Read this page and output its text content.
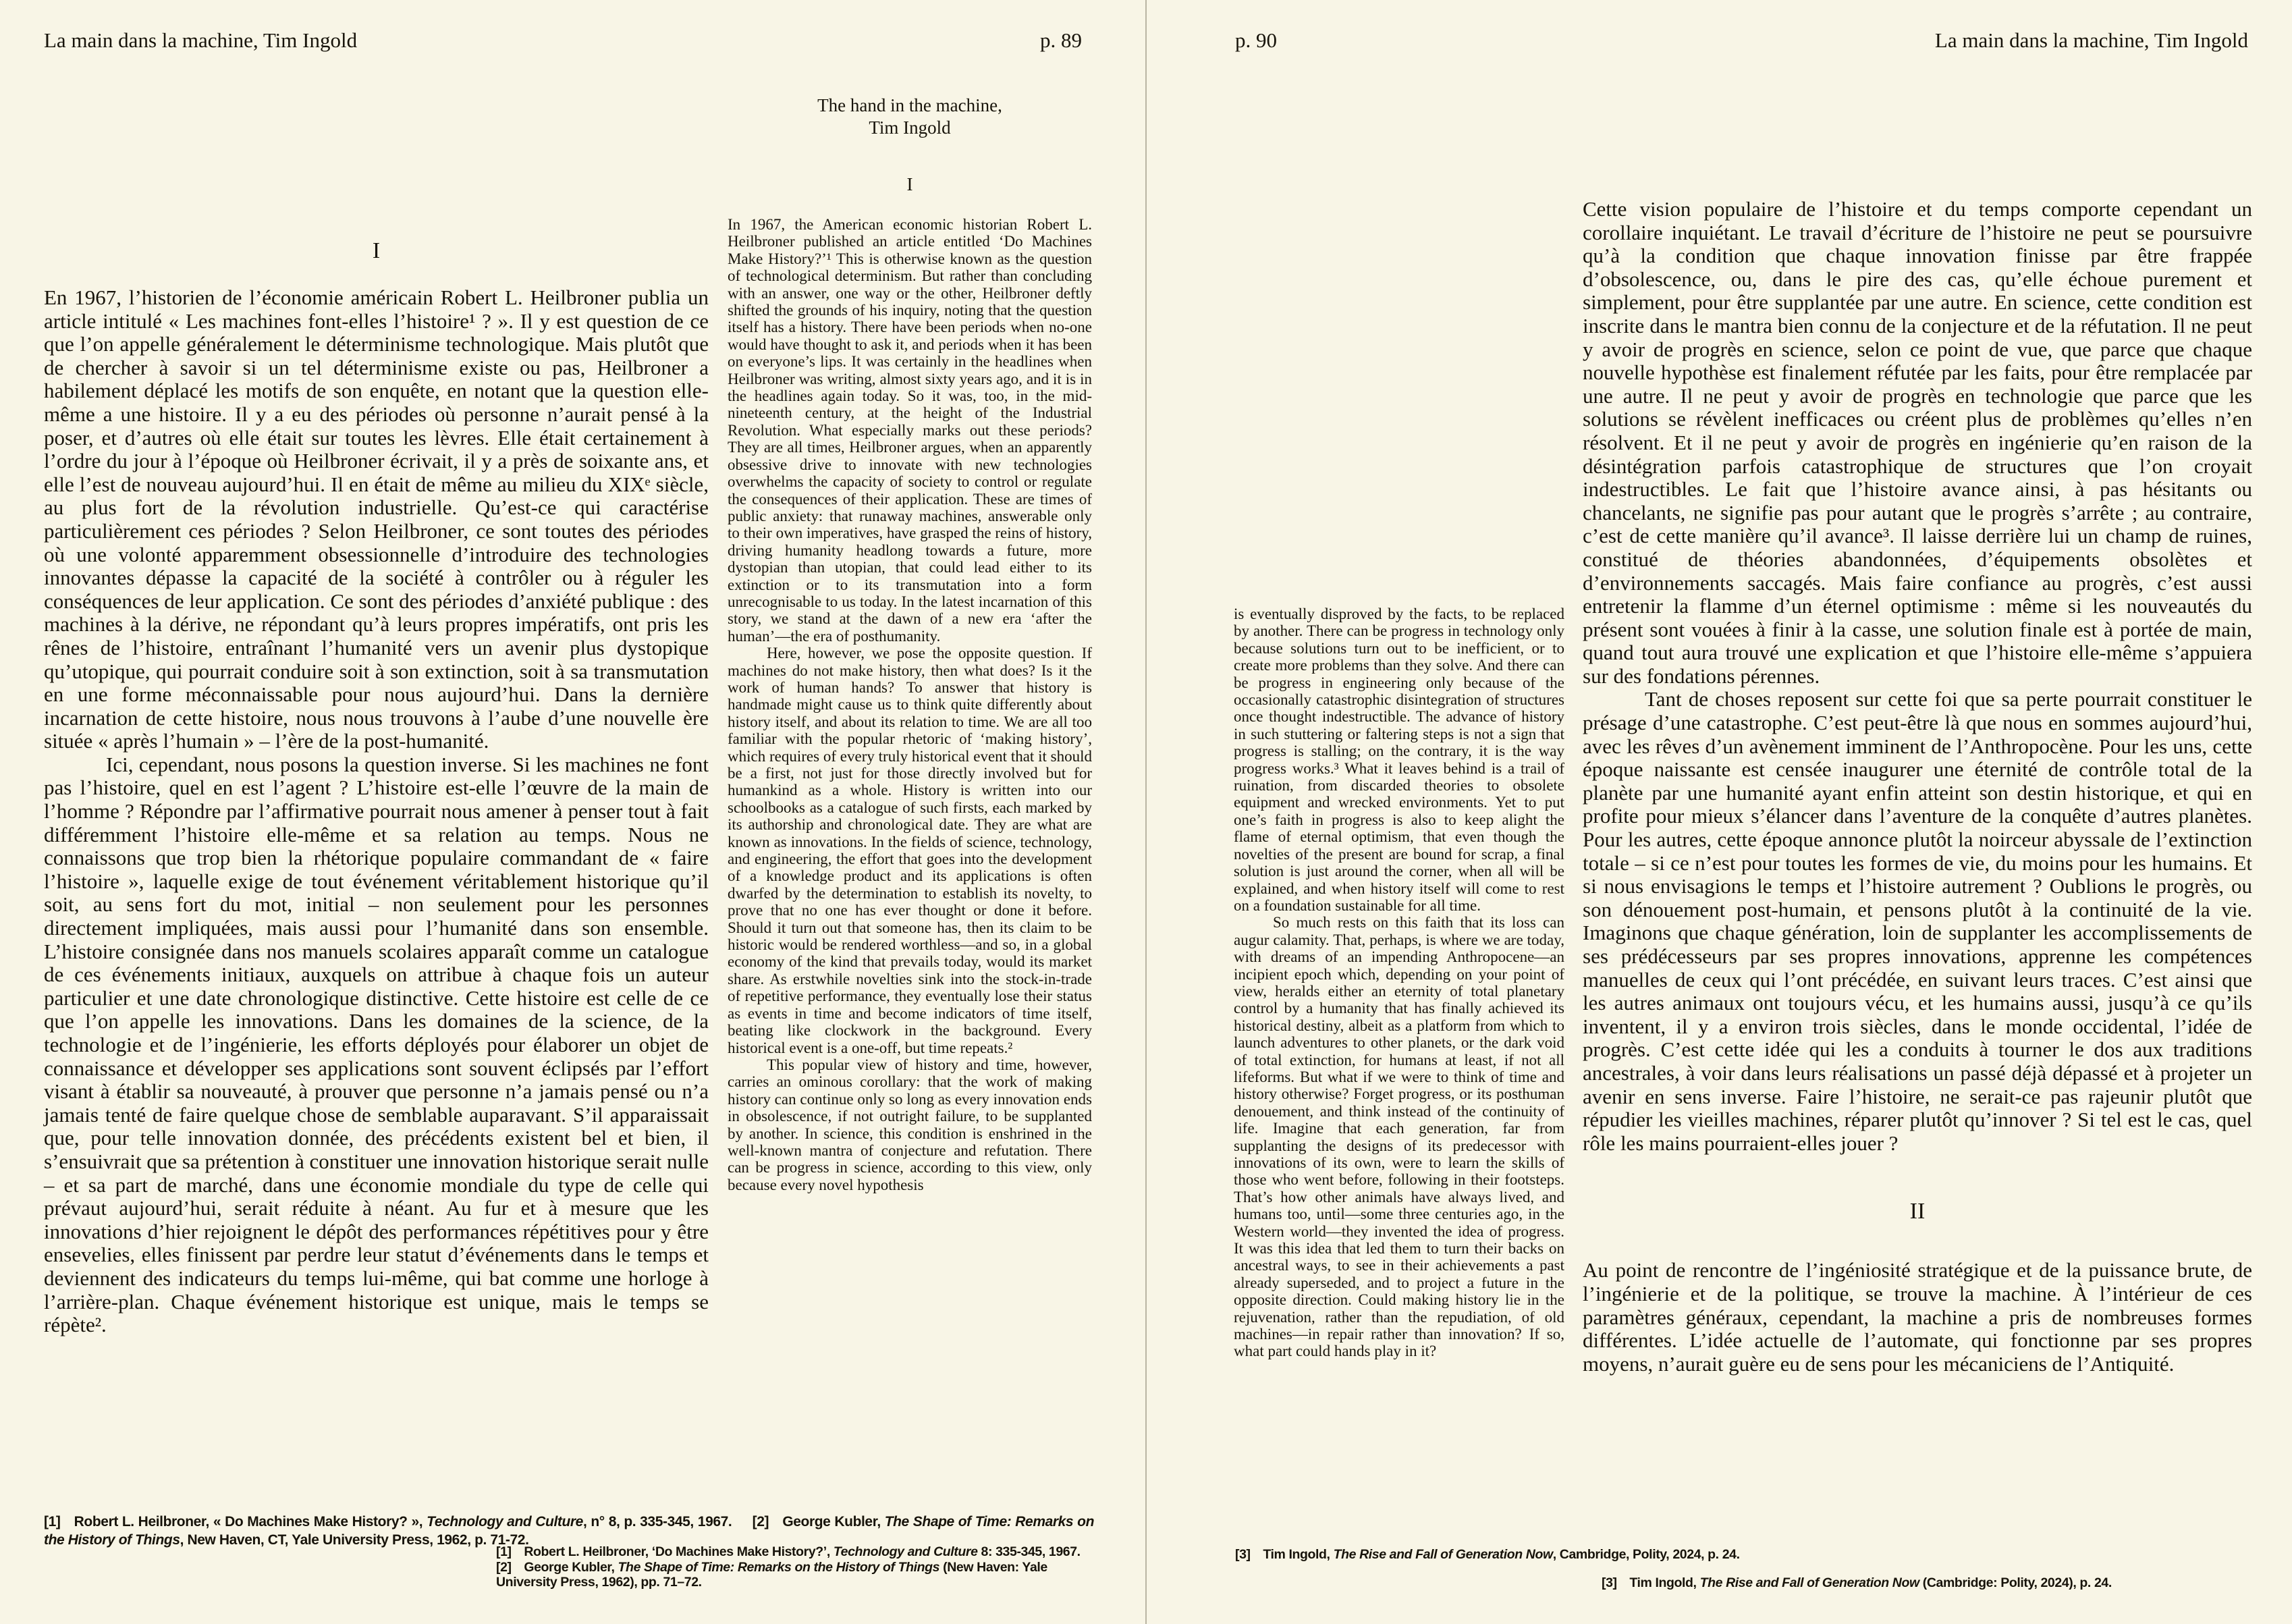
La main dans la machine, Tim Ingold	p. 89
I

En 1967, l’historien de l’économie américain Robert L. Heilbroner publia un article intitulé « Les machines font-elles l’histoire¹ ? ». Il y est question de ce que l’on appelle généralement le déterminisme technologique. Mais plutôt que de chercher à savoir si un tel déterminisme existe ou pas, Heilbroner a habilement déplacé les motifs de son enquête, en notant que la question elle-même a une histoire. Il y a eu des périodes où personne n’aurait pensé à la poser, et d’autres où elle était sur toutes les lèvres. Elle était certainement à l’ordre du jour à l’époque où Heilbroner écrivait, il y a près de soixante ans, et elle l’est de nouveau aujourd’hui. Il en était de même au milieu du XIXᵉ siècle, au plus fort de la révolution industrielle. Qu’est-ce qui caractérise particulièrement ces périodes ? Selon Heilbroner, ce sont toutes des périodes où une volonté apparemment obsessionnelle d’introduire des technologies innovantes dépasse la capacité de la société à contrôler ou à réguler les conséquences de leur application. Ce sont des périodes d’anxiété publique : des machines à la dérive, ne répondant qu’à leurs propres impératifs, ont pris les rênes de l’histoire, entraînant l’humanité vers un avenir plus dystopique qu’utopique, qui pourrait conduire soit à son extinction, soit à sa transmutation en une forme méconnaissable pour nous aujourd’hui. Dans la dernière incarnation de cette histoire, nous nous trouvons à l’aube d’une nouvelle ère située « après l’humain » – l’ère de la post-humanité.

Ici, cependant, nous posons la question inverse. Si les machines ne font pas l’histoire, quel en est l’agent ? L’histoire est-elle l’œuvre de la main de l’homme ? Répondre par l’affirmative pourrait nous amener à penser tout à fait différemment l’histoire elle-même et sa relation au temps. Nous ne connaissons que trop bien la rhétorique populaire commandant de « faire l’histoire », laquelle exige de tout événement véritablement historique qu’il soit, au sens fort du mot, initial – non seulement pour les personnes directement impliquées, mais aussi pour l’humanité dans son ensemble. L’histoire consignée dans nos manuels scolaires apparaît comme un catalogue de ces événements initiaux, auxquels on attribue à chaque fois un auteur particulier et une date chronologique distinctive. Cette histoire est celle de ce que l’on appelle les innovations. Dans les domaines de la science, de la technologie et de l’ingénierie, les efforts déployés pour élaborer un objet de connaissance et développer ses applications sont souvent éclipsés par l’effort visant à établir sa nouveauté, à prouver que personne n’a jamais pensé ou n’a jamais tenté de faire quelque chose de semblable auparavant. S’il apparaissait que, pour telle innovation donnée, des précédents existent bel et bien, il s’ensuivrait que sa prétention à constituer une innovation historique serait nulle – et sa part de marché, dans une économie mondiale du type de celle qui prévaut aujourd’hui, serait réduite à néant. Au fur et à mesure que les innovations d’hier rejoignent le dépôt des performances répétitives pour y être ensevelies, elles finissent par perdre leur statut d’événements dans le temps et deviennent des indicateurs du temps lui-même, qui bat comme une horloge à l’arrière-plan. Chaque événement historique est unique, mais le temps se répète².

The hand in the machine,
Tim Ingold
I

In 1967, the American economic historian Robert L. Heilbroner published an article entitled ‘Do Machines Make History?’¹ This is otherwise known as the question of technological determinism. But rather than concluding with an answer, one way or the other, Heilbroner deftly shifted the grounds of his inquiry, noting that the question itself has a history. There have been periods when no-one would have thought to ask it, and periods when it has been on everyone’s lips. It was certainly in the headlines when Heilbroner was writing, almost sixty years ago, and it is in the headlines again today. So it was, too, in the mid-nineteenth century, at the height of the Industrial Revolution. What especially marks out these periods? They are all times, Heilbroner argues, when an apparently obsessive drive to innovate with new technologies overwhelms the capacity of society to control or regulate the consequences of their application. These are times of public anxiety: that runaway machines, answerable only to their own imperatives, have grasped the reins of history, driving humanity headlong towards a future, more dystopian than utopian, that could lead either to its extinction or to its transmutation into a form unrecognisable to us today. In the latest incarnation of this story, we stand at the dawn of a new era ‘after the human’—the era of posthumanity.

Here, however, we pose the opposite question. If machines do not make history, then what does? Is it the work of human hands? To answer that history is handmade might cause us to think quite differently about history itself, and about its relation to time. We are all too familiar with the popular rhetoric of ‘making history’, which requires of every truly historical event that it should be a first, not just for those directly involved but for humankind as a whole. History is written into our schoolbooks as a catalogue of such firsts, each marked by its authorship and chronological date. They are what are known as innovations. In the fields of science, technology, and engineering, the effort that goes into the development of a knowledge product and its applications is often dwarfed by the determination to establish its novelty, to prove that no one has ever thought or done it before. Should it turn out that someone has, then its claim to be historic would be rendered worthless—and so, in a global economy of the kind that prevails today, would its market share. As erstwhile novelties sink into the stock-in-trade of repetitive performance, they eventually lose their status as events in time and become indicators of time itself, beating like clockwork in the background. Every historical event is a one-off, but time repeats.²

This popular view of history and time, however, carries an ominous corollary: that the work of making history can continue only so long as every innovation ends in obsolescence, if not outright failure, to be supplanted by another. In science, this condition is enshrined in the well-known mantra of conjecture and refutation. There can be progress in science, according to this view, only because every novel hypothesis

[1]  Robert L. Heilbroner, « Do Machines Make History? », Technology and Culture, n° 8, p. 335-345, 1967.   [2]  George Kubler, The Shape of Time: Remarks on the History of Things, New Haven, CT, Yale University Press, 1962, p. 71-72.
[1]  Robert L. Heilbroner, ‘Do Machines Make History?’, Technology and Culture 8: 335-345, 1967.
[2]  George Kubler, The Shape of Time: Remarks on the History of Things (New Haven: Yale University Press, 1962), pp. 71–72.
p. 90	La main dans la machine, Tim Ingold

is eventually disproved by the facts, to be replaced by another. There can be progress in technology only because solutions turn out to be inefficient, or to create more problems than they solve. And there can be progress in engineering only because of the occasionally catastrophic disintegration of structures once thought indestructible. The advance of history in such stuttering or faltering steps is not a sign that progress is stalling; on the contrary, it is the way progress works.³ What it leaves behind is a trail of ruination, from discarded theories to obsolete equipment and wrecked environments. Yet to put one’s faith in progress is also to keep alight the flame of eternal optimism, that even though the novelties of the present are bound for scrap, a final solution is just around the corner, when all will be explained, and when history itself will come to rest on a foundation sustainable for all time.

So much rests on this faith that its loss can augur calamity. That, perhaps, is where we are today, with dreams of an impending Anthropocene—an incipient epoch which, depending on your point of view, heralds either an eternity of total planetary control by a humanity that has finally achieved its historical destiny, albeit as a platform from which to launch adventures to other planets, or the dark void of total extinction, for humans at least, if not all lifeforms. But what if we were to think of time and history otherwise? Forget progress, or its posthuman denouement, and think instead of the continuity of life. Imagine that each generation, far from supplanting the designs of its predecessor with innovations of its own, were to learn the skills of those who went before, following in their footsteps. That’s how other animals have always lived, and humans too, until—some three centuries ago, in the Western world—they invented the idea of progress. It was this idea that led them to turn their backs on ancestral ways, to see in their achievements a past already superseded, and to project a future in the opposite direction. Could making history lie in the rejuvenation, rather than the repudiation, of old machines—in repair rather than innovation? If so, what part could hands play in it?

Cette vision populaire de l’histoire et du temps comporte cependant un corollaire inquiétant. Le travail d’écriture de l’histoire ne peut se poursuivre qu’à la condition que chaque innovation finisse par être frappée d’obsolescence, ou, dans le pire des cas, qu’elle échoue purement et simplement, pour être supplantée par une autre. En science, cette condition est inscrite dans le mantra bien connu de la conjecture et de la réfutation. Il ne peut y avoir de progrès en science, selon ce point de vue, que parce que chaque nouvelle hypothèse est finalement réfutée par les faits, pour être remplacée par une autre. Il ne peut y avoir de progrès en technologie que parce que les solutions se révèlent inefficaces ou créent plus de problèmes qu’elles n’en résolvent. Et il ne peut y avoir de progrès en ingénierie qu’en raison de la désintégration parfois catastrophique de structures que l’on croyait indestructibles. Le fait que l’histoire avance ainsi, à pas hésitants ou chancelants, ne signifie pas pour autant que le progrès s’arrête ; au contraire, c’est de cette manière qu’il avance³. Il laisse derrière lui un champ de ruines, constitué de théories abandonnées, d’équipements obsolètes et d’environnements saccagés. Mais faire confiance au progrès, c’est aussi entretenir la flamme d’un éternel optimisme : même si les nouveautés du présent sont vouées à finir à la casse, une solution finale est à portée de main, quand tout aura trouvé une explication et que l’histoire elle-même s’appuiera sur des fondations pérennes.

Tant de choses reposent sur cette foi que sa perte pourrait constituer le présage d’une catastrophe. C’est peut-être là que nous en sommes aujourd’hui, avec les rêves d’un avènement imminent de l’Anthropocène. Pour les uns, cette époque naissante est censée inaugurer une éternité de contrôle total de la planète par une humanité ayant enfin atteint son destin historique, et qui en profite pour mieux s’élancer dans l’aventure de la conquête d’autres planètes. Pour les autres, cette époque annonce plutôt la noirceur abyssale de l’extinction totale – si ce n’est pour toutes les formes de vie, du moins pour les humains. Et si nous envisagions le temps et l’histoire autrement ? Oublions le progrès, ou son dénouement post-humain, et pensons plutôt à la continuité de la vie. Imaginons que chaque génération, loin de supplanter les accomplissements de ses prédécesseurs par ses propres innovations, apprenne les compétences manuelles de ceux qui l’ont précédée, en suivant leurs traces. C’est ainsi que les autres animaux ont toujours vécu, et les humains aussi, jusqu’à ce qu’ils inventent, il y a environ trois siècles, dans le monde occidental, l’idée de progrès. C’est cette idée qui les a conduits à tourner le dos aux traditions ancestrales, à voir dans leurs réalisations un passé déjà dépassé et à projeter un avenir en sens inverse. Faire l’histoire, ne serait-ce pas rajeunir plutôt que répudier les vieilles machines, réparer plutôt qu’innover ? Si tel est le cas, quel rôle les mains pourraient-elles jouer ?

II

Au point de rencontre de l’ingéniosité stratégique et de la puissance brute, de l’ingénierie et de la politique, se trouve la machine. À l’intérieur de ces paramètres généraux, cependant, la machine a pris de nombreuses formes différentes. L’idée actuelle de l’automate, qui fonctionne par ses propres moyens, n’aurait guère eu de sens pour les mécaniciens de l’Antiquité.

[3]  Tim Ingold, The Rise and Fall of Generation Now, Cambridge, Polity, 2024, p. 24.
[3]  Tim Ingold, The Rise and Fall of Generation Now (Cambridge: Polity, 2024), p. 24.
